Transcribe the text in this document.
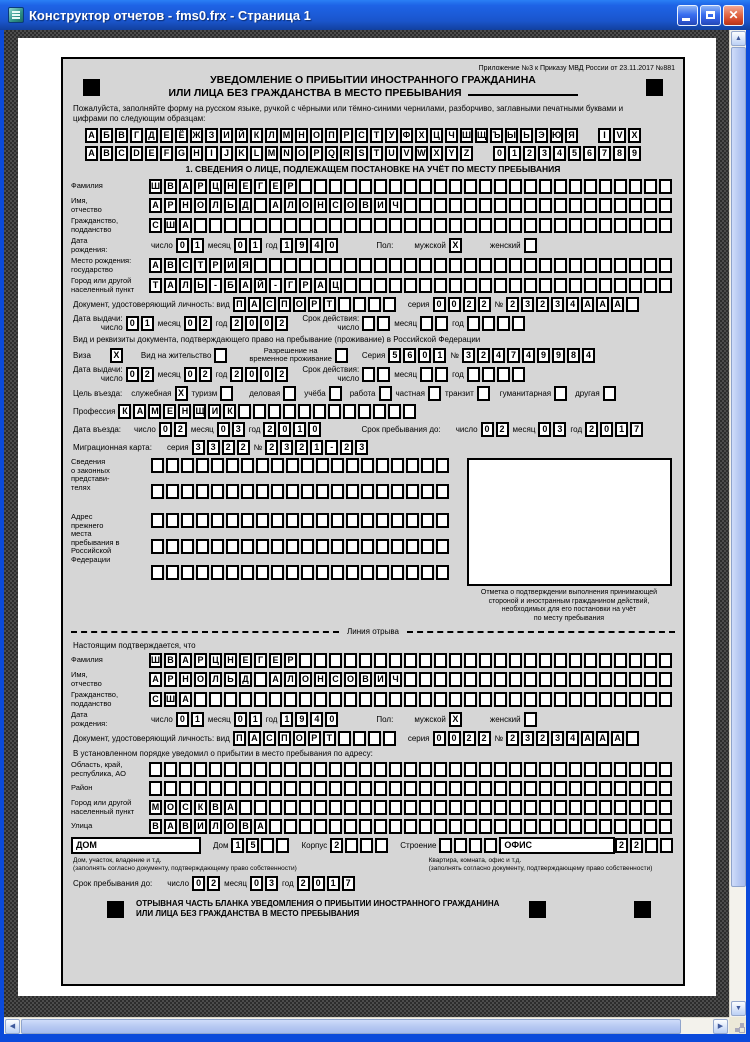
Конструктор отчетов - fms0.frx - Страница 1	✕
Приложение №3 к Приказу МВД России от 23.11.2017 №881
УВЕДОМЛЕНИЕ О ПРИБЫТИИ ИНОСТРАННОГО ГРАЖДАНИНА
ИЛИ ЛИЦА БЕЗ ГРАЖДАНСТВА В МЕСТО ПРЕБЫВАНИЯ
Пожалуйста, заполняйте форму на русском языке, ручкой с чёрными или тёмно-синими чернилами, разборчиво, заглавными печатными буквами и цифрами по следующим образцам:
А Б В	Г	Д Е Ё Ж З И Й	К	Л М Н О П Р С	Т	У Ф Х Ц Ч Ш Щ Ъ Ы Ь Э Ю Я	I	V X
A B C D E	F G H	I	J	K	L M N O P Q R S	T	U V W X Y	Z	0	1	2	3	4	5	6	7	8	9
1. СВЕДЕНИЯ О ЛИЦЕ, ПОДЛЕЖАЩЕМ ПОСТАНОВКЕ НА УЧЁТ ПО МЕСТУ ПРЕБЫВАНИЯ
Фамилия	Ш В А Р Ц Н Е	Г	Е Р
Имя,
отчество	А Р Н О Л Ь Д	А Л О Н С О В И Ч
Гражданство,
подданство	С Ш А
Дата
рождения:	число 0	1	месяц 0	1	год 1	9	4	0	Пол:	мужской X	женский
Место рождения:
государство	А В С	Т	Р И Я
Город или другой
населенный пункт	Т	А Л Ь	-	Б А Й	-	Г	Р А Ц
Документ, удостоверяющий личность: вид П А С П О Р	Т	серия 0	0	2	2	№ 2	3	2	3	4	А А А
Дата выдачи:
число 0	1	месяц 0	2	год 2	0	0	2	Срок действия:
число	месяц	год
Вид и реквизиты документа, подтверждающего право на пребывание (проживание) в Российской Федерации
Виза	X	Вид на жительство	Разрешение на
временное проживание	Серия 5	6	0	1	№ 3	2	4	7	4	9	9	8	4
Дата выдачи:
число 0	2	месяц 0	2	год 2	0	0	2	Срок действия:
число	месяц	год
Цель въезда: служебная X туризм	деловая	учёба	работа	частная	транзит	гуманитарная	другая
Профессия К	А М Е Н Щ И	К
Дата въезда: число 0	2	месяц 0	3	год 2	0	1	0	Срок пребывания до: число 0	2	месяц 0	3	год 2	0	1	7
Миграционная карта: серия 3	3	2	2	№ 2	3	2	1	-	2	3
Сведения
о законных
представи-
телях
Адрес
прежнего
места
пребывания в
Российской
Федерации
Отметка о подтверждении выполнения принимающей
стороной и иностранным гражданином действий,
необходимых для его постановки на учёт
по месту пребывания
Линия отрыва
Настоящим подтверждается, что
Фамилия	Ш В А Р Ц Н Е	Г	Е Р
Имя,
отчество	А Р Н О Л Ь Д	А Л О Н С О В И Ч
Гражданство,
подданство	С Ш А
Дата
рождения:	число 0	1	месяц 0	1	год 1	9	4	0	Пол:	мужской X	женский
Документ, удостоверяющий личность: вид П А С П О Р	Т	серия 0	0	2	2	№ 2	3	2	3	4	А А А
В установленном порядке уведомил о прибытии в место пребывания по адресу:
Область, край,
республика, АО
Район
Город или другой
населенный пункт	М О С	К	В А
Улица	В А В И Л О В А
ДОМ	Дом 1	5	Корпус 2	Строение	ОФИС	2	2
Дом, участок, владение и т.д.
(заполнять согласно документу, подтверждающему право собственности)
Квартира, комната, офис и т.д.
(заполнять согласно документу, подтверждающему право собственности)
Срок пребывания до: число 0	2	месяц 0	3	год 2	0	1	7
ОТРЫВНАЯ ЧАСТЬ БЛАНКА УВЕДОМЛЕНИЯ О ПРИБЫТИИ ИНОСТРАННОГО ГРАЖДАНИНА
ИЛИ ЛИЦА БЕЗ ГРАЖДАНСТВА В МЕСТО ПРЕБЫВАНИЯ
▲
▼
◀	▶
